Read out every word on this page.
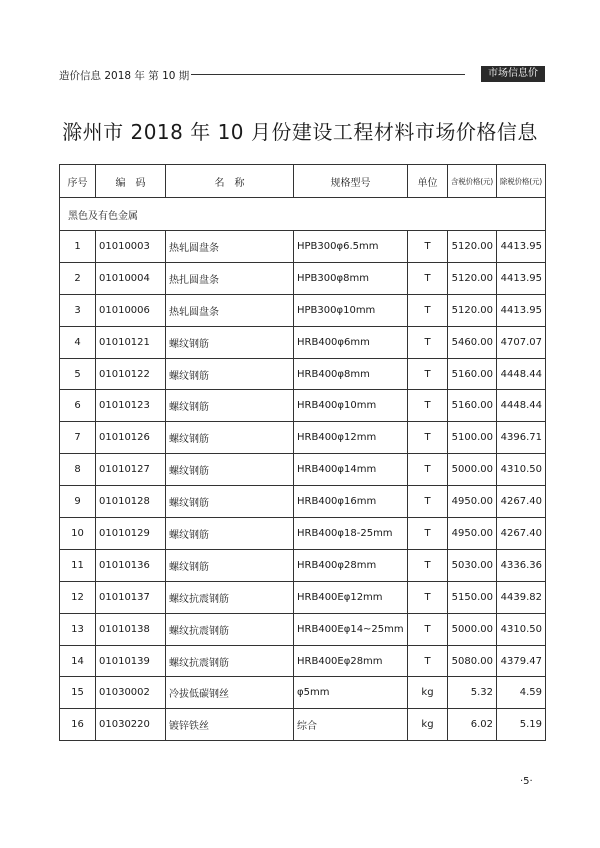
造价信息 2018 年 第 10 期	市场信息价
滁州市 2018 年 10 月份建设工程材料市场价格信息
序号	编　码	名　称	规格型号	单位	含税价格(元)	除税价格(元)
黑色及有色金属						
1	01010003	热轧圆盘条	HPB300φ6.5mm	T	5120.00	4413.95
2	01010004	热扎圆盘条	HPB300φ8mm	T	5120.00	4413.95
3	01010006	热轧圆盘条	HPB300φ10mm	T	5120.00	4413.95
4	01010121	螺纹钢筋	HRB400φ6mm	T	5460.00	4707.07
5	01010122	螺纹钢筋	HRB400φ8mm	T	5160.00	4448.44
6	01010123	螺纹钢筋	HRB400φ10mm	T	5160.00	4448.44
7	01010126	螺纹钢筋	HRB400φ12mm	T	5100.00	4396.71
8	01010127	螺纹钢筋	HRB400φ14mm	T	5000.00	4310.50
9	01010128	螺纹钢筋	HRB400φ16mm	T	4950.00	4267.40
10	01010129	螺纹钢筋	HRB400φ18-25mm	T	4950.00	4267.40
11	01010136	螺纹钢筋	HRB400φ28mm	T	5030.00	4336.36
12	01010137	螺纹抗震钢筋	HRB400Eφ12mm	T	5150.00	4439.82
13	01010138	螺纹抗震钢筋	HRB400Eφ14~25mm	T	5000.00	4310.50
14	01010139	螺纹抗震钢筋	HRB400Eφ28mm	T	5080.00	4379.47
15	01030002	冷拔低碳钢丝	φ5mm	kg	5.32	4.59
16	01030220	镀锌铁丝	综合	kg	6.02	5.19
·5·
